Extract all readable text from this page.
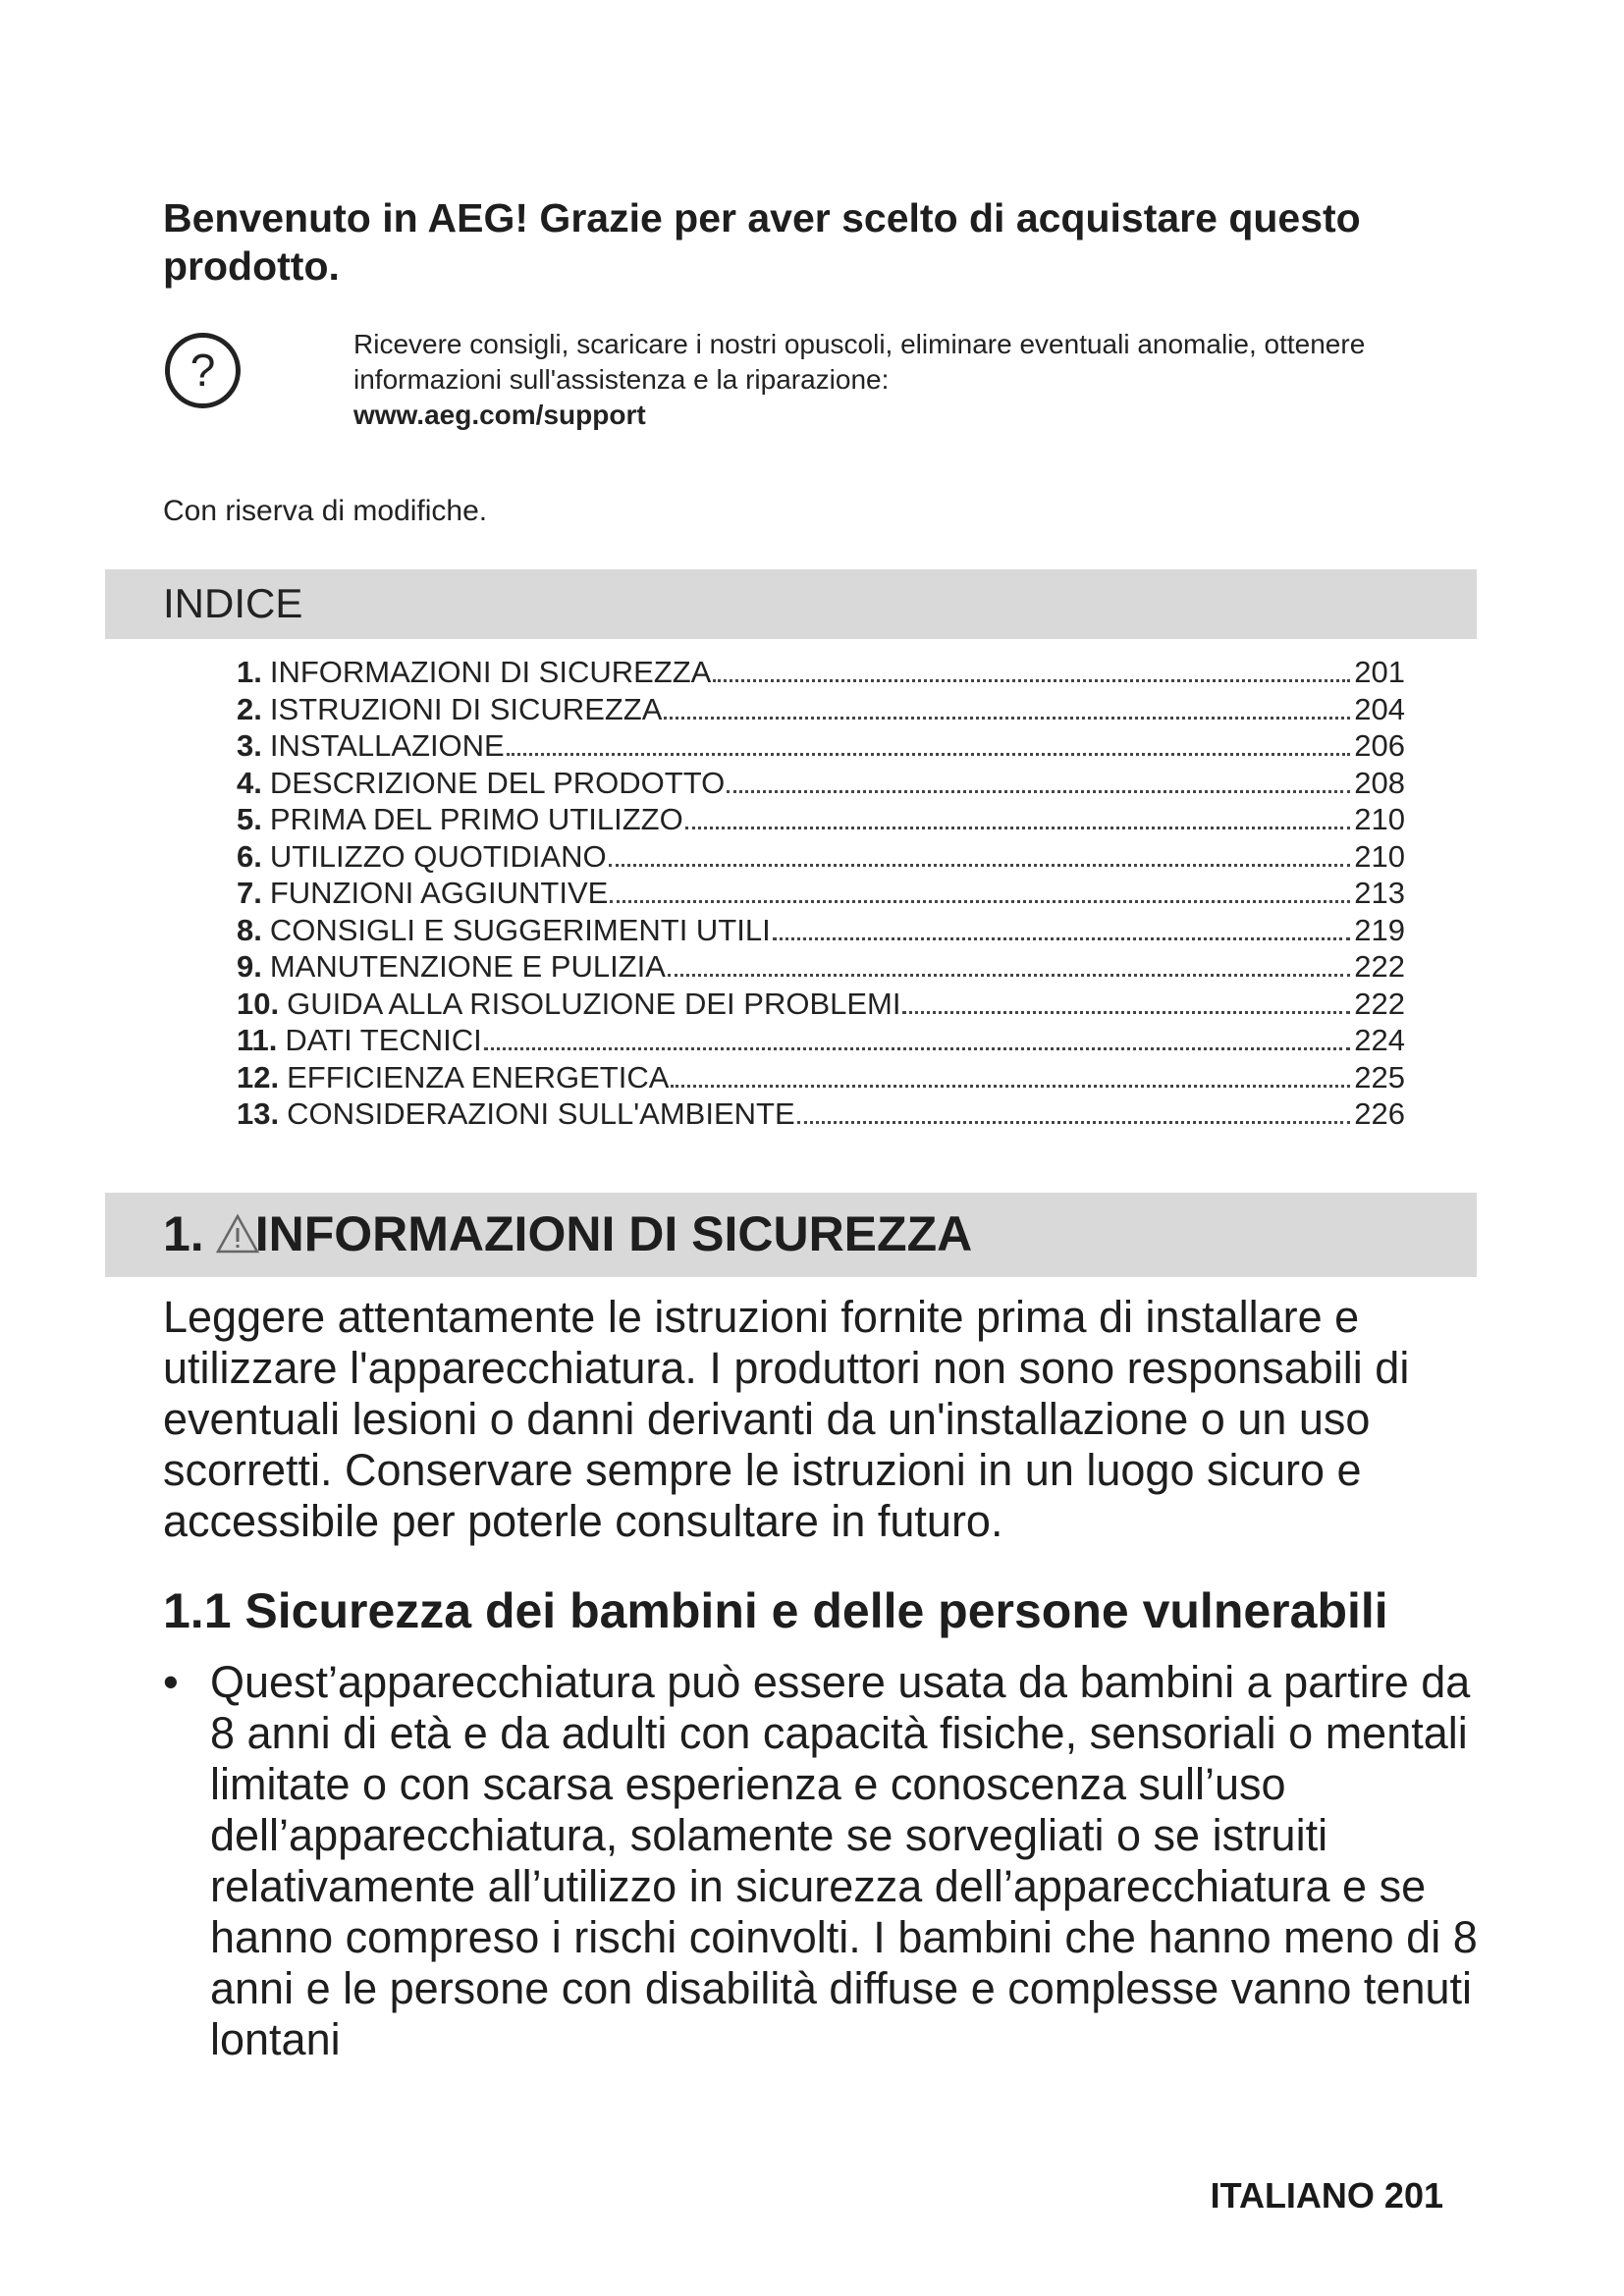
Benvenuto in AEG! Grazie per aver scelto di acquistare questo prodotto.
?
Ricevere consigli, scaricare i nostri opuscoli, eliminare eventuali anomalie, ottenere informazioni sull'assistenza e la riparazione:
www.aeg.com/support
Con riserva di modifiche.
INDICE
1. INFORMAZIONI DI SICUREZZA	201
2. ISTRUZIONI DI SICUREZZA	204
3. INSTALLAZIONE	206
4. DESCRIZIONE DEL PRODOTTO	208
5. PRIMA DEL PRIMO UTILIZZO	210
6. UTILIZZO QUOTIDIANO	210
7. FUNZIONI AGGIUNTIVE	213
8. CONSIGLI E SUGGERIMENTI UTILI	219
9. MANUTENZIONE E PULIZIA	222
10. GUIDA ALLA RISOLUZIONE DEI PROBLEMI	222
11. DATI TECNICI	224
12. EFFICIENZA ENERGETICA	225
13. CONSIDERAZIONI SULL'AMBIENTE	226
1. INFORMAZIONI DI SICUREZZA
Leggere attentamente le istruzioni fornite prima di installare e utilizzare l'apparecchiatura. I produttori non sono responsabili di eventuali lesioni o danni derivanti da un'installazione o un uso scorretti. Conservare sempre le istruzioni in un luogo sicuro e accessibile per poterle consultare in futuro.
1.1 Sicurezza dei bambini e delle persone vulnerabili
• Quest’apparecchiatura può essere usata da bambini a partire da 8 anni di età e da adulti con capacità fisiche, sensoriali o mentali limitate o con scarsa esperienza e conoscenza sull’uso dell’apparecchiatura, solamente se sorvegliati o se istruiti relativamente all’utilizzo in sicurezza dell’apparecchiatura e se hanno compreso i rischi coinvolti. I bambini che hanno meno di 8 anni e le persone con disabilità diffuse e complesse vanno tenuti lontani
ITALIANO 201
